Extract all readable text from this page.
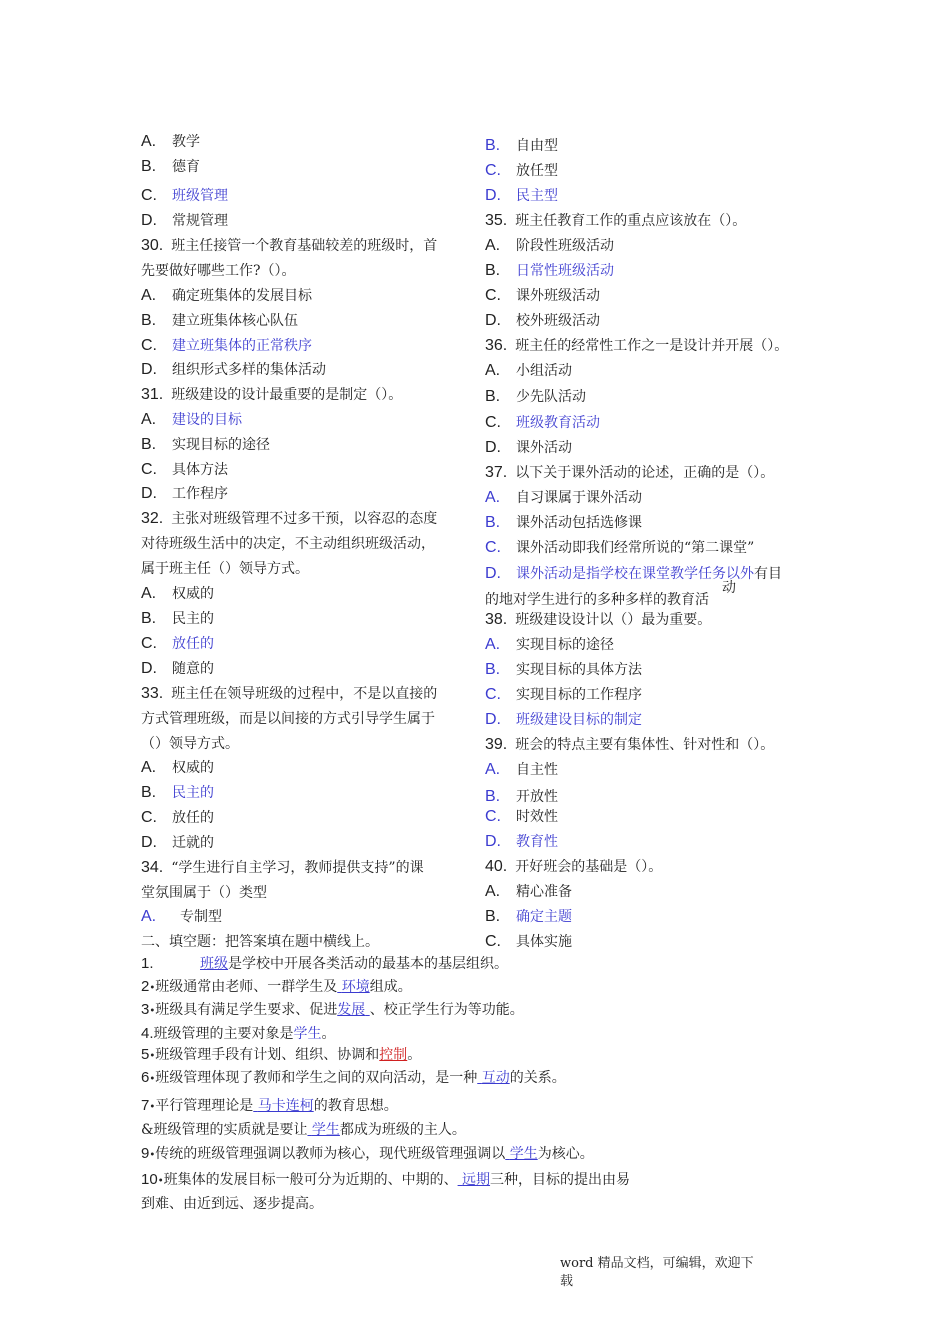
A. 教学
B. 德育
C. 班级管理
D. 常规管理
30. 班主任接管一个教育基础较差的班级时，首
先要做好哪些工作?（）。
A. 确定班集体的发展目标
B. 建立班集体核心队伍
C. 建立班集体的正常秩序
D. 组织形式多样的集体活动
31. 班级建设的设计最重要的是制定（）。
A. 建设的目标
B. 实现目标的途径
C. 具体方法
D. 工作程序
32. 主张对班级管理不过多干预，以容忍的态度
对待班级生活中的决定，不主动组织班级活动，
属于班主任（）领导方式。
A. 权威的
B. 民主的
C. 放任的
D. 随意的
33. 班主任在领导班级的过程中，不是以直接的
方式管理班级，而是以间接的方式引导学生属于
（）领导方式。
A. 权威的
B. 民主的
C. 放任的
D. 迁就的
34. “学生进行自主学习，教师提供支持”的课
堂氛围属于（）类型
A. 专制型
B. 自由型
C. 放任型
D. 民主型
35. 班主任教育工作的重点应该放在（）。
A. 阶段性班级活动
B. 日常性班级活动
C. 课外班级活动
D. 校外班级活动
36. 班主任的经常性工作之一是设计并开展（）。
A. 小组活动
B. 少先队活动
C. 班级教育活动
D. 课外活动
37. 以下关于课外活动的论述，正确的是（）。
A. 自习课属于课外活动
B. 课外活动包括选修课
C. 课外活动即我们经常所说的“第二课堂”
D. 课外活动是指学校在课堂教学任务以外有目
的地对学生进行的多种多样的教育活
动
38. 班级建设设计以（）最为重要。
A. 实现目标的途径
B. 实现目标的具体方法
C. 实现目标的工作程序
D. 班级建设目标的制定
39. 班会的特点主要有集体性、针对性和（）。
A. 自主性
B. 开放性
C. 时效性
D. 教育性
40. 开好班会的基础是（）。
A. 精心准备
B. 确定主题
C. 具体实施
二、填空题：把答案填在题中横线上。
1.	班级是学校中开展各类活动的最基本的基层组织。
2•班级通常由老师、一群学生及 环境组成。
3•班级具有满足学生要求、促进发展 、校正学生行为等功能。
4.班级管理的主要对象是学生。
5•班级管理手段有计划、组织、协调和控制。
6•班级管理体现了教师和学生之间的双向活动，是一种 互动的关系。
7•平行管理理论是 马卡连柯的教育思想。
&班级管理的实质就是要让 学生都成为班级的主人。
9•传统的班级管理强调以教师为核心，现代班级管理强调以 学生为核心。
10•班集体的发展目标一般可分为近期的、中期的、 远期三种，目标的提出由易
到难、由近到远、逐步提高。
word 精品文档，可编辑，欢迎下
载
